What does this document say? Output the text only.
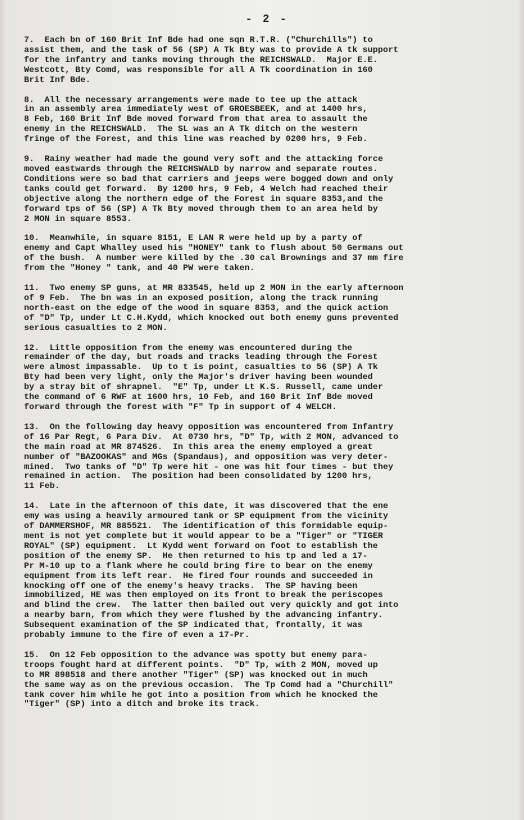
- 2 -

7.  Each bn of 160 Brit Inf Bde had one sqn R.T.R. ("Churchills") to
assist them, and the task of 56 (SP) A Tk Bty was to provide A tk support
for the infantry and tanks moving through the REICHSWALD.  Major E.E.
Westcott, Bty Comd, was responsible for all A Tk coordination in 160
Brit Inf Bde.

8.  All the necessary arrangements were made to tee up the attack
in an assembly area immediately west of GROESBEEK, and at 1400 hrs,
8 Feb, 160 Brit Inf Bde moved forward from that area to assault the
enemy in the REICHSWALD.  The SL was an A Tk ditch on the western
fringe of the Forest, and this line was reached by 0200 hrs, 9 Feb.

9.  Rainy weather had made the gound very soft and the attacking force
moved eastwards through the REICHSWALD by narrow and separate routes.
Conditions were so bad that carriers and jeeps were bogged down and only
tanks could get forward.  By 1200 hrs, 9 Feb, 4 Welch had reached their
objective along the northern edge of the Forest in square 8353,and the
forward tps of 56 (SP) A Tk Bty moved through them to an area held by
2 MON in square 8553.

10.  Meanwhile, in square 8151, E LAN R were held up by a party of
enemy and Capt Whalley used his "HONEY" tank to flush about 50 Germans out
of the bush.  A number were killed by the .30 cal Brownings and 37 mm fire
from the "Honey " tank, and 40 PW were taken.

11.  Two enemy SP guns, at MR 833545, held up 2 MON in the early afternoon
of 9 Feb.  The bn was in an exposed position, along the track running
north-east on the edge of the wood in square 8353, and the quick action
of "D" Tp, under Lt C.H.Kydd, which knocked out both enemy guns prevented
serious casualties to 2 MON.

12.  Little opposition from the enemy was encountered during the
remainder of the day, but roads and tracks leading through the Forest
were almost impassable.  Up to t is point, casualties to 56 (SP) A Tk
Bty had been very light, only the Major's driver having been wounded
by a stray bit of shrapnel.  "E" Tp, under Lt K.S. Russell, came under
the command of 6 RWF at 1600 hrs, 10 Feb, and 160 Brit Inf Bde moved
forward through the forest with "F" Tp in support of 4 WELCH.

13.  On the following day heavy opposition was encountered from Infantry
of 16 Par Regt, 6 Para Div.  At 0730 hrs, "D" Tp, with 2 MON, advanced to
the main road at MR 874526.  In this area the enemy employed a great
number of "BAZOOKAS" and MGs (Spandaus), and opposition was very deter-
mined.  Two tanks of "D" Tp were hit - one was hit four times - but they
remained in action.  The position had been consolidated by 1200 hrs,
11 Feb.

14.  Late in the afternoon of this date, it was discovered that the ene
emy was using a heavily armoured tank or SP equipment from the vicinity
of DAMMERSHOF, MR 885521.  The identification of this formidable equip-
ment is not yet complete but it would appear to be a "Tiger" or "TIGER
ROYAL" (SP) equipment.  Lt Kydd went forward on foot to establish the
position of the enemy SP.  He then returned to his tp and led a 17-
Pr M-10 up to a flank where he could bring fire to bear on the enemy
equipment from its left rear.  He fired four rounds and succeeded in
knocking off one of the enemy's heavy tracks.  The SP having been
immobilized, HE was then employed on its front to break the periscopes
and blind the crew.  The latter then bailed out very quickly and got into
a nearby barn, from which they were flushed by the advancing infantry.
Subsequent examination of the SP indicated that, frontally, it was
probably immune to the fire of even a 17-Pr.

15.  On 12 Feb opposition to the advance was spotty but enemy para-
troops fought hard at different points.  "D" Tp, with 2 MON, moved up
to MR 898518 and there another "Tiger" (SP) was knocked out in much
the same way as on the previous occasion.  The Tp Comd had a "Churchill"
tank cover him while he got into a position from which he knocked the
"Tiger" (SP) into a ditch and broke its track.
